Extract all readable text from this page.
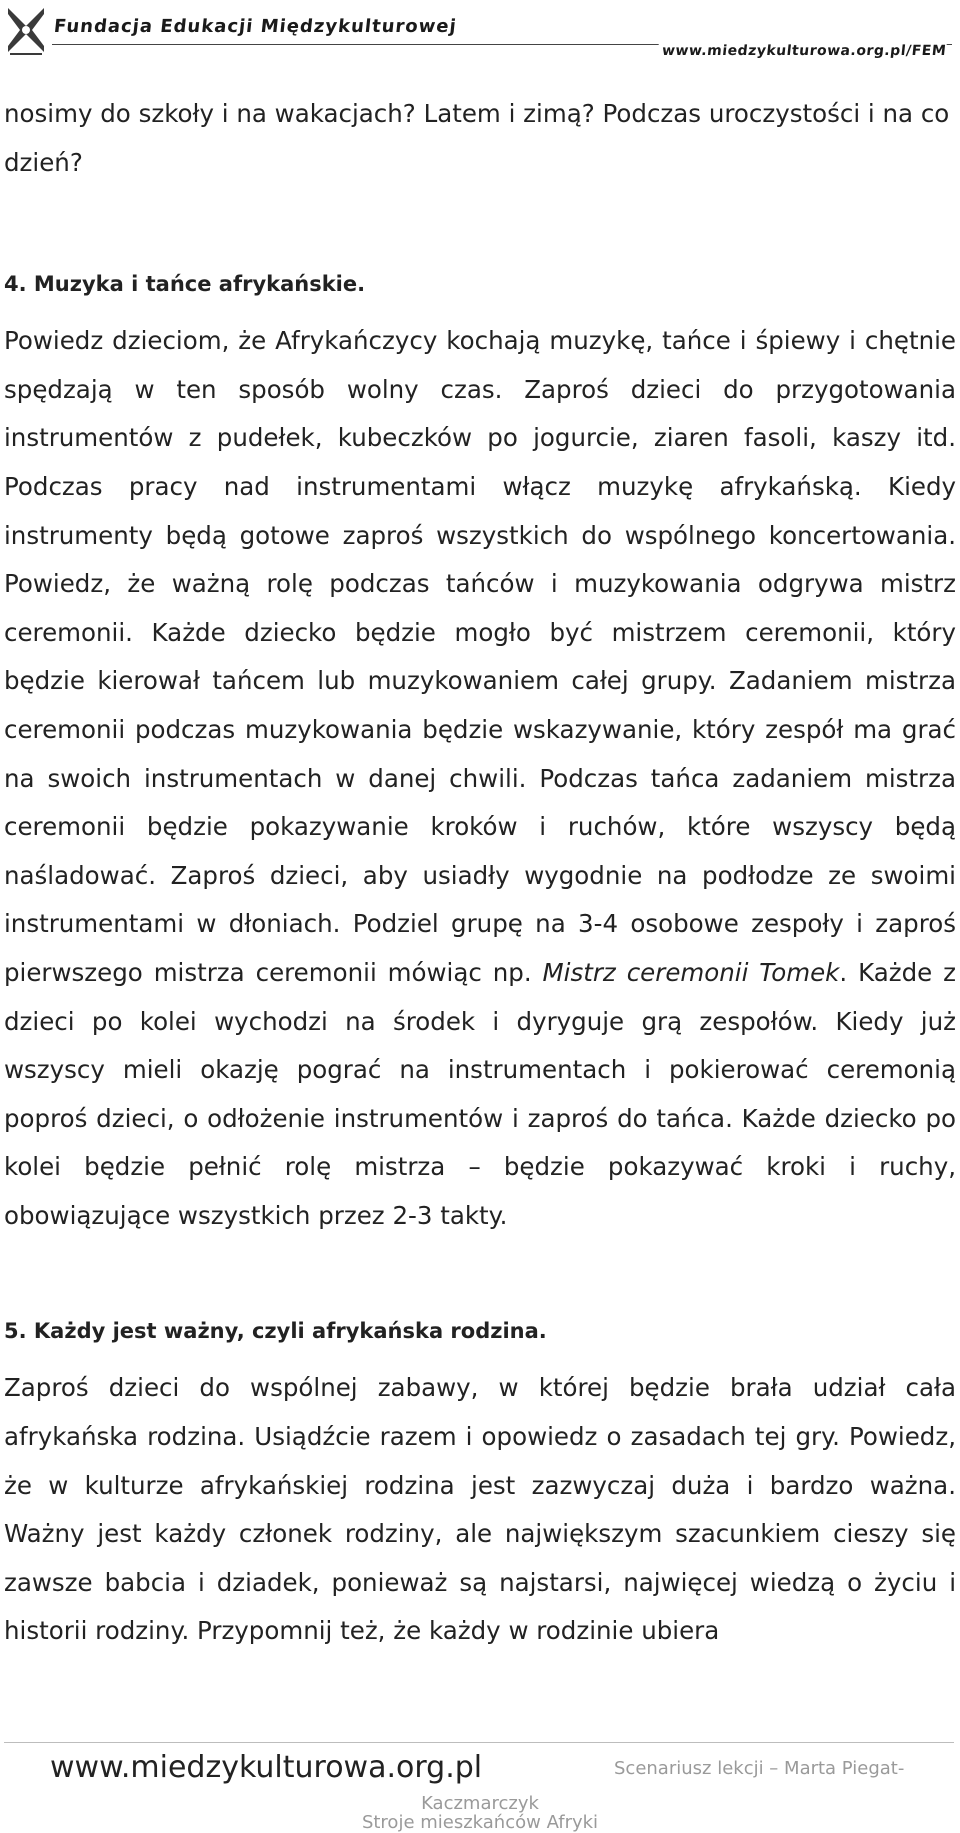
Fundacja Edukacji Międzykulturowej
www.miedzykulturowa.org.pl/FEM

nosimy do szkoły i na wakacjach? Latem i zimą? Podczas uroczystości i na co dzień?

4. Muzyka i tańce afrykańskie.

Powiedz dzieciom, że Afrykańczycy kochają muzykę, tańce i śpiewy i chętnie spędzają w ten sposób wolny czas. Zaproś dzieci do przygotowania instrumentów z pudełek, kubeczków po jogurcie, ziaren fasoli, kaszy itd. Podczas pracy nad instrumentami włącz muzykę afrykańską. Kiedy instrumenty będą gotowe zaproś wszystkich do wspólnego koncertowania. Powiedz, że ważną rolę podczas tańców i muzykowania odgrywa mistrz ceremonii. Każde dziecko będzie mogło być mistrzem ceremonii, który będzie kierował tańcem lub muzykowaniem całej grupy. Zadaniem mistrza ceremonii podczas muzykowania będzie wskazywanie, który zespół ma grać na swoich instrumentach w danej chwili. Podczas tańca zadaniem mistrza ceremonii będzie pokazywanie kroków i ruchów, które wszyscy będą naśladować. Zaproś dzieci, aby usiadły wygodnie na podłodze ze swoimi instrumentami w dłoniach. Podziel grupę na 3-4 osobowe zespoły i zaproś pierwszego mistrza ceremonii mówiąc np. Mistrz ceremonii Tomek. Każde z dzieci po kolei wychodzi na środek i dyryguje grą zespołów. Kiedy już wszyscy mieli okazję pograć na instrumentach i pokierować ceremonią poproś dzieci, o odłożenie instrumentów i zaproś do tańca. Każde dziecko po kolei będzie pełnić rolę mistrza – będzie pokazywać kroki i ruchy, obowiązujące wszystkich przez 2-3 takty.

5. Każdy jest ważny, czyli afrykańska rodzina.

Zaproś dzieci do wspólnej zabawy, w której będzie brała udział cała afrykańska rodzina. Usiądźcie razem i opowiedz o zasadach tej gry. Powiedz, że w kulturze afrykańskiej rodzina jest zazwyczaj duża i bardzo ważna. Ważny jest każdy członek rodziny, ale największym szacunkiem cieszy się zawsze babcia i dziadek, ponieważ są najstarsi, najwięcej wiedzą o życiu i historii rodziny. Przypomnij też, że każdy w rodzinie ubiera

www.miedzykulturowa.org.pl	Scenariusz lekcji – Marta Piegat-
Kaczmarczyk
Stroje mieszkańców Afryki
